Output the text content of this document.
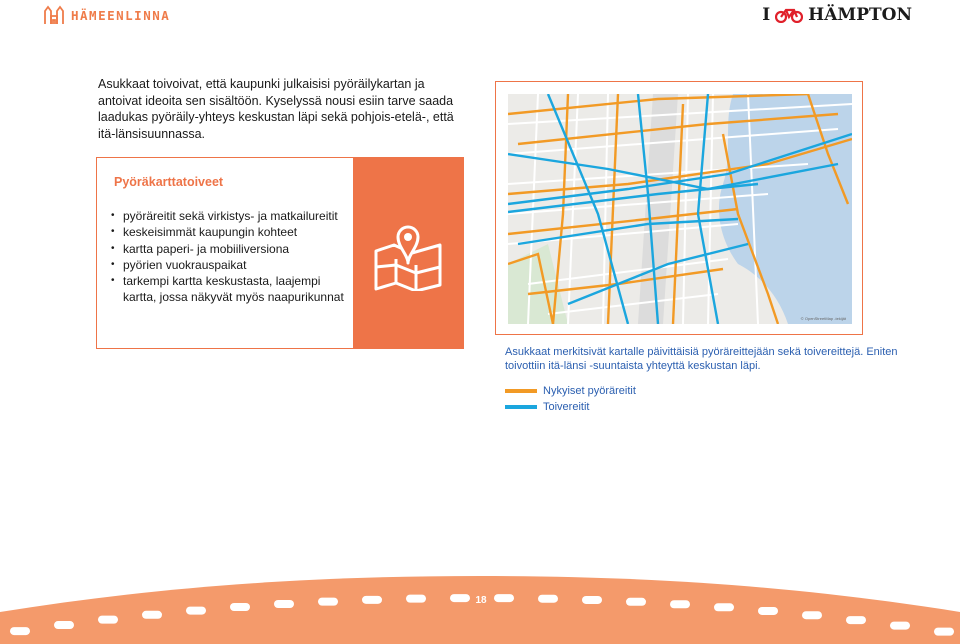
HÄMEENLINNA	I HÄMPTON
Asukkaat toivoivat, että kaupunki julkaisisi pyöräilykartan ja antoivat ideoita sen sisältöön. Kyselyssä nousi esiin tarve saada laadukas pyöräily-yhteys keskustan läpi sekä pohjois-etelä-, että itä-länsisuunnassa.
Pyöräkarttatoiveet
• pyöräreitit sekä virkistys- ja matkailureitit
• keskeisimmät kaupungin kohteet
• kartta paperi- ja mobiiliversiona
• pyörien vuokrauspaikat
• tarkempi kartta keskustasta, laajempi kartta, jossa näkyvät myös naapurikunnat
© OpenStreetMap -tekijät
Asukkaat merkitsivät kartalle päivittäisiä pyöräreittejään sekä toivereittejä. Eniten toivottiin itä-länsi -suuntaista yhteyttä keskustan läpi.
Nykyiset pyöräreitit
Toivereitit
18
